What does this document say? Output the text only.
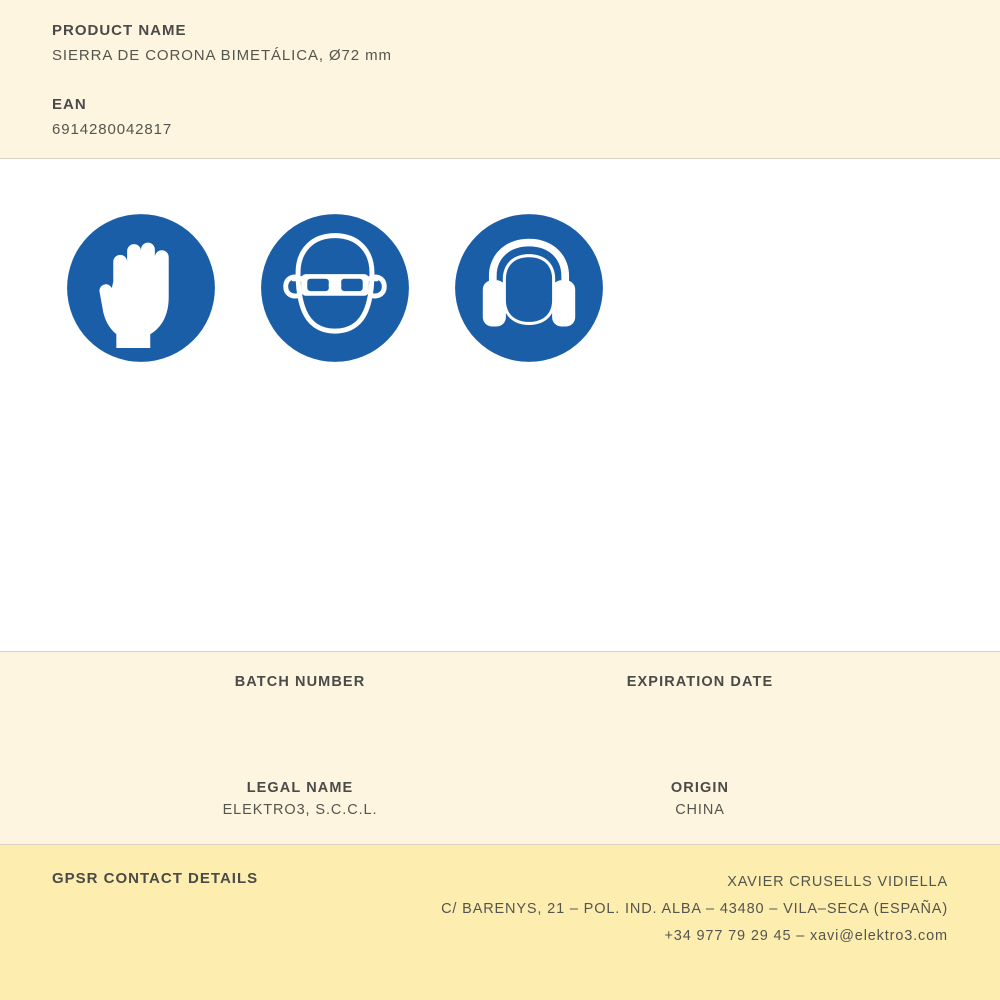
PRODUCT NAME

SIERRA DE CORONA BIMETÁLICA, Ø72 mm

EAN

6914280042817

BATCH NUMBER	EXPIRATION DATE

LEGAL NAME

ELEKTRO3, S.C.C.L.

ORIGIN

CHINA

GPSR CONTACT DETAILS	XAVIER CRUSELLS VIDIELLA
C/ BARENYS, 21 – POL. IND. ALBA – 43480 – VILA–SECA (ESPAÑA)
+34 977 79 29 45 – xavi@elektro3.com
